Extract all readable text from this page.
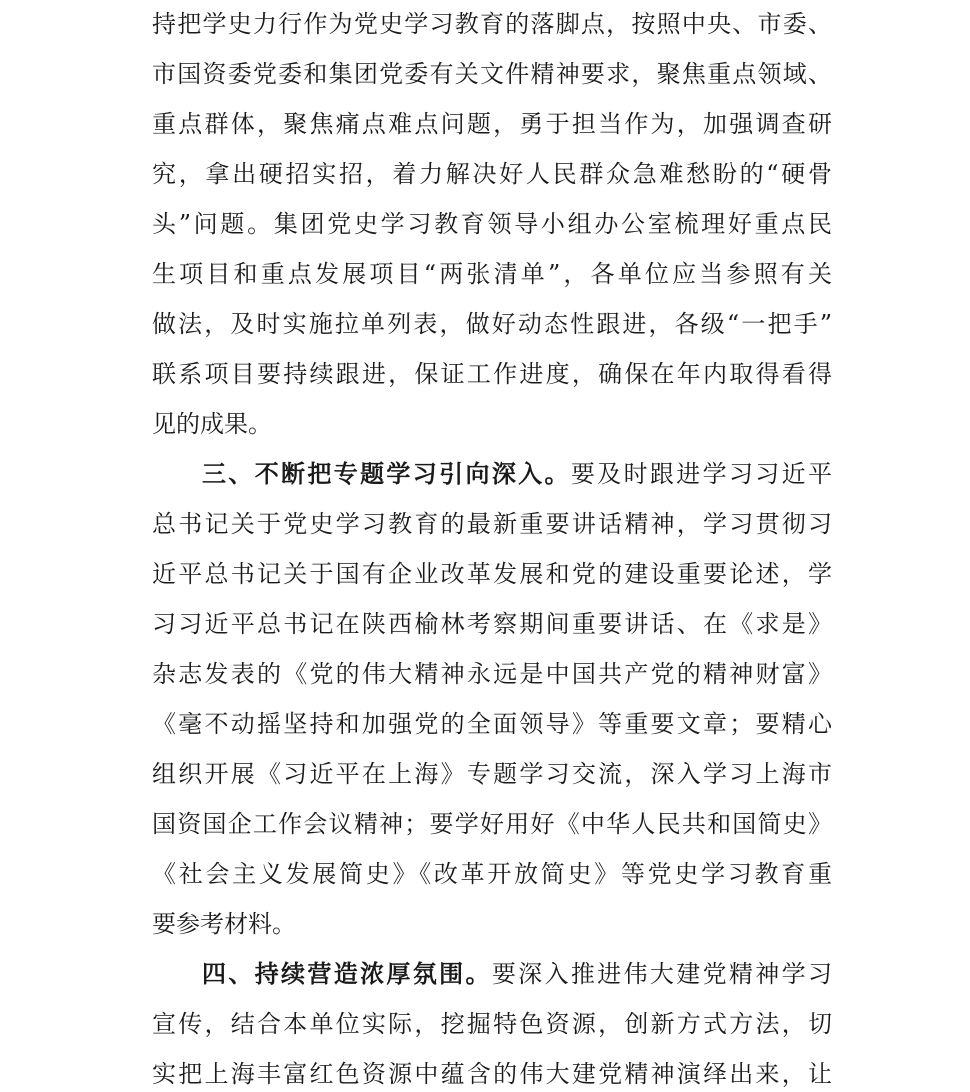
持把学史力行作为党史学习教育的落脚点，按照中央、市委、
市国资委党委和集团党委有关文件精神要求，聚焦重点领域、
重点群体，聚焦痛点难点问题，勇于担当作为，加强调查研
究，拿出硬招实招，着力解决好人民群众急难愁盼的“硬骨
头”问题。集团党史学习教育领导小组办公室梳理好重点民
生项目和重点发展项目“两张清单”，各单位应当参照有关
做法，及时实施拉单列表，做好动态性跟进，各级“一把手”
联系项目要持续跟进，保证工作进度，确保在年内取得看得
见的成果。
三、不断把专题学习引向深入。要及时跟进学习习近平
总书记关于党史学习教育的最新重要讲话精神，学习贯彻习
近平总书记关于国有企业改革发展和党的建设重要论述，学
习习近平总书记在陕西榆林考察期间重要讲话、在《求是》
杂志发表的《党的伟大精神永远是中国共产党的精神财富》
《毫不动摇坚持和加强党的全面领导》等重要文章；要精心
组织开展《习近平在上海》专题学习交流，深入学习上海市
国资国企工作会议精神；要学好用好《中华人民共和国简史》
《社会主义发展简史》《改革开放简史》等党史学习教育重
要参考材料。
四、持续营造浓厚氛围。要深入推进伟大建党精神学习
宣传，结合本单位实际，挖掘特色资源，创新方式方法，切
实把上海丰富红色资源中蕴含的伟大建党精神演绎出来，让
